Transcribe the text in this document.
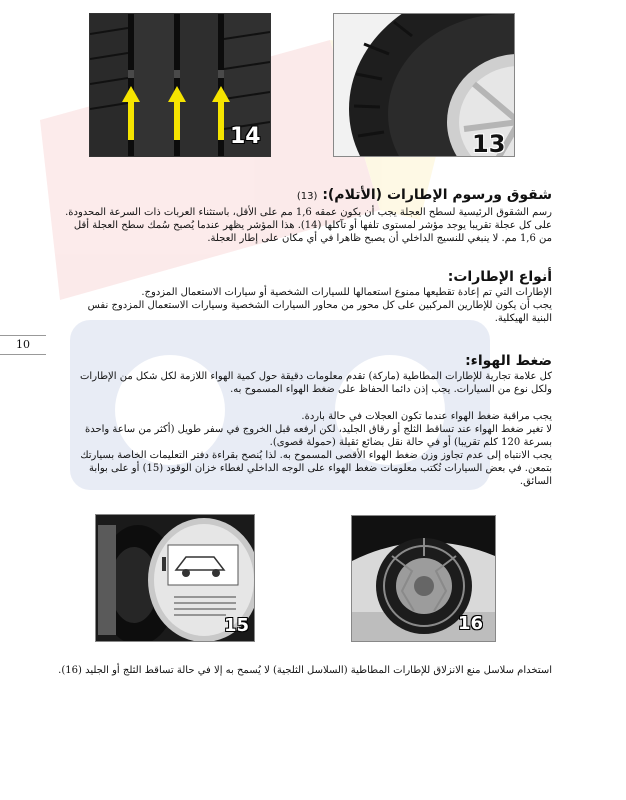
14	13

شقوق ورسوم الإطارات (الأتلام): (13)

رسم الشقوق الرئيسية لسطح العجلة يجب أن يكون عمقه 1,6 مم على الأقل، باستثناء العربات ذات السرعة المحدودة.

على كل عجلة تقريبا يوجد مؤشر لمستوى تلفها أو تآكلها (14). هذا المؤشر يظهر عندما يُصبح سُمك سطح العجلة أقل

من 1,6 مم. لا ينبغي للنسيج الداخلي أن يصبح ظاهرا في أي مكان على إطار العجلة.

أنواع الإطارات:

الإطارات التي تم إعادة تقطيعها ممنوع استعمالها للسيارات الشخصية أو سيارات الاستعمال المزدوج.

يجب أن يكون للإطارين المركبين على كل محور من محاور السيارات الشخصية وسيارات الاستعمال المزدوج نفس

البنية الهيكلية.

10

ضغط الهواء:

كل علامة تجارية للإطارات المطاطية (ماركة) تقدم معلومات دقيقة حول كمية الهواء اللازمة لكل شكل من الإطارات

ولكل نوع من السيارات. يجب إذن دائما الحفاظ على ضغط الهواء المسموح به.

يجب مراقبة ضغط الهواء عندما تكون العجلات في حالة باردة.

لا تغير ضغط الهواء عند تساقط الثلج أو رقاق الجليد، لكن ارفعه قبل الخروج في سفر طويل (أكثر من ساعة واحدة

بسرعة 120 كلم تقريبا) أو في حالة نقل بضائع ثقيلة (حمولة قصوى).

يجب الانتباه إلى عدم تجاوز وزن ضغط الهواء الأقصى المسموح به. لذا يُنصح بقراءة دفتر التعليمات الخاصة بسيارتك

بتمعن. في بعض السيارات تُكتب معلومات ضغط الهواء على الوجه الداخلي لغطاء خزان الوقود (15) أو على بوابة

السائق.

15	16

استخدام سلاسل منع الانزلاق للإطارات المطاطية (السلاسل الثلجية) لا يُسمح به إلا في حالة تساقط الثلج أو الجليد (16).
